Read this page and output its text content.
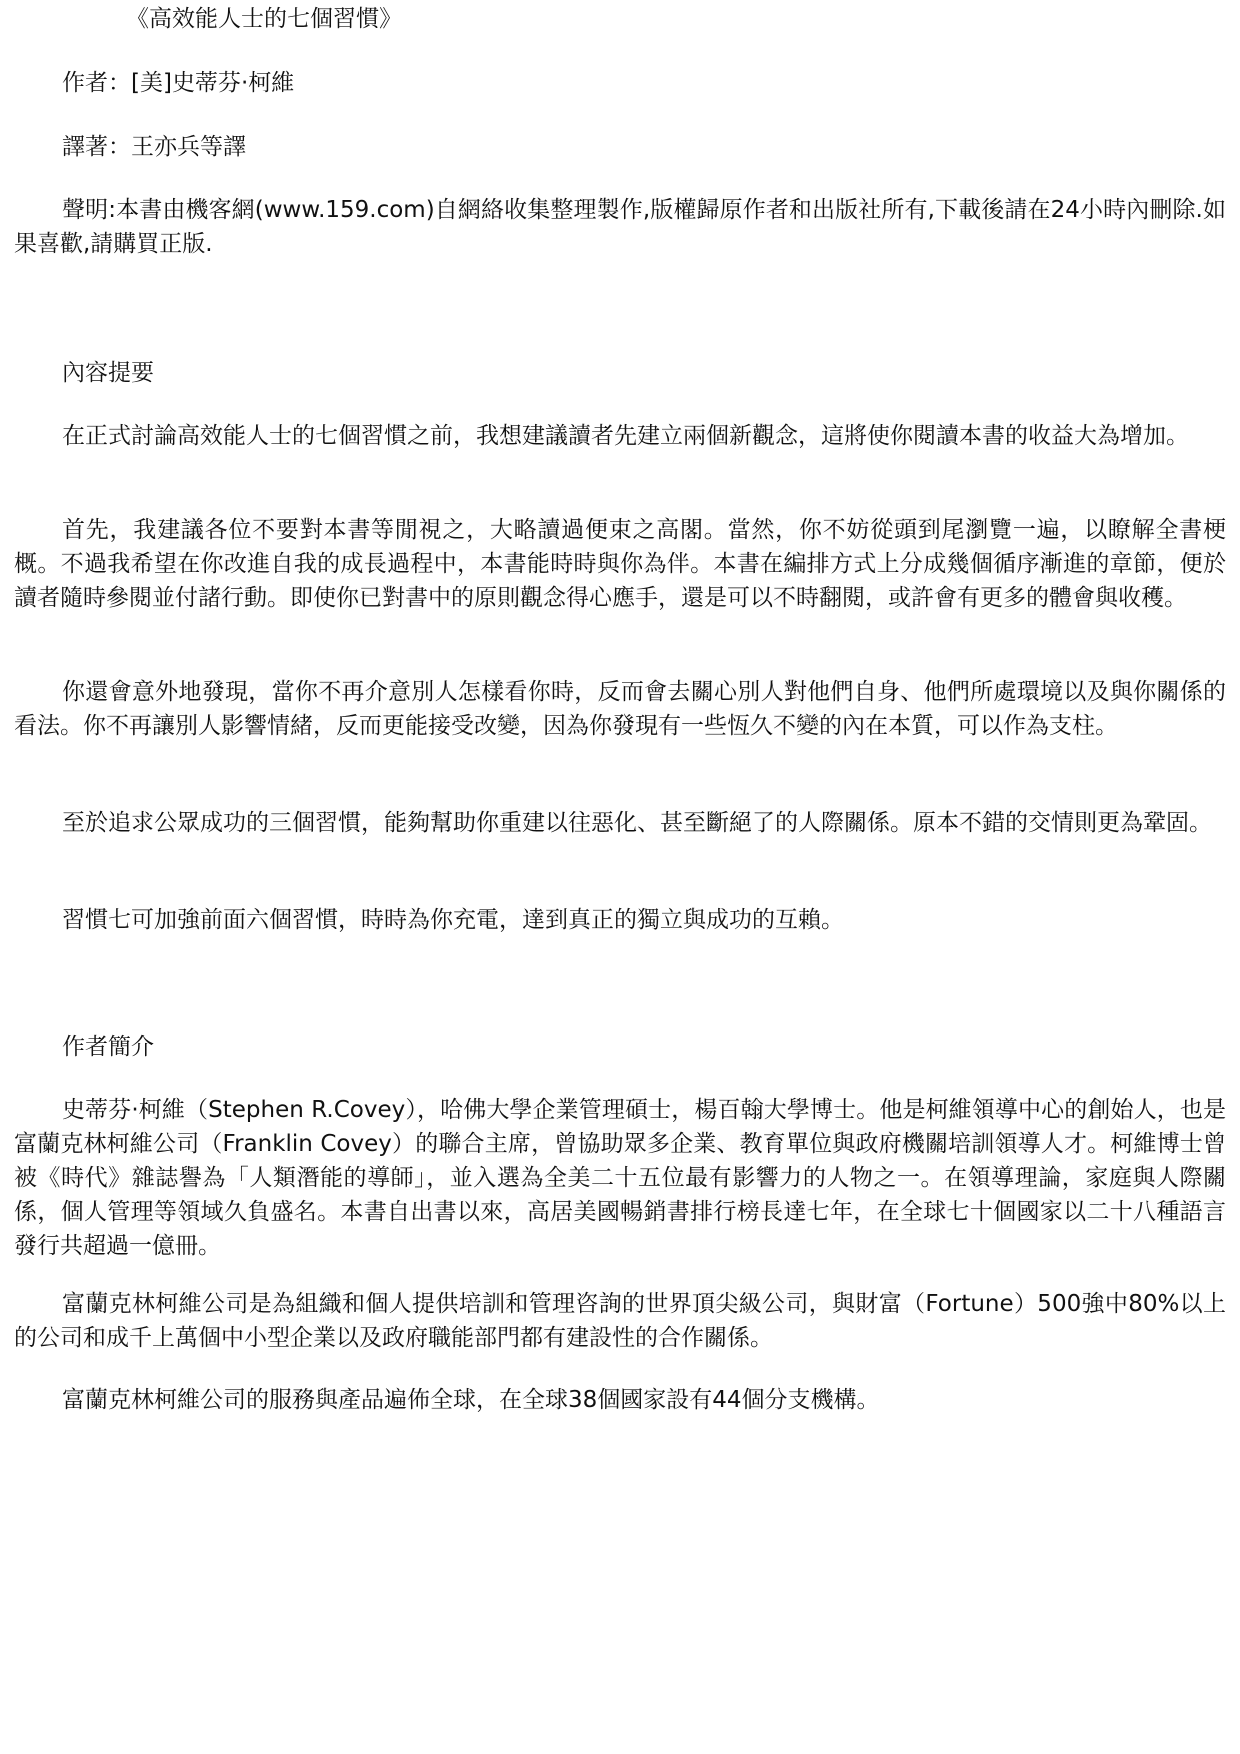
《高效能人士的七個習慣》

作者：[美]史蒂芬·柯維

譯著：王亦兵等譯

聲明:本書由機客網(www.159.com)自網絡收集整理製作,版權歸原作者和出版社所有,下載後請在24小時內刪除.如果喜歡,請購買正版.

內容提要

在正式討論高效能人士的七個習慣之前，我想建議讀者先建立兩個新觀念，這將使你閱讀本書的收益大為增加。

首先，我建議各位不要對本書等閒視之，大略讀過便束之高閣。當然，你不妨從頭到尾瀏覽一遍，以瞭解全書梗概。不過我希望在你改進自我的成長過程中，本書能時時與你為伴。本書在編排方式上分成幾個循序漸進的章節，便於讀者隨時參閱並付諸行動。即使你已對書中的原則觀念得心應手，還是可以不時翻閱，或許會有更多的體會與收穫。

你還會意外地發現，當你不再介意別人怎樣看你時，反而會去關心別人對他們自身、他們所處環境以及與你關係的看法。你不再讓別人影響情緒，反而更能接受改變，因為你發現有一些恆久不變的內在本質，可以作為支柱。

至於追求公眾成功的三個習慣，能夠幫助你重建以往惡化、甚至斷絕了的人際關係。原本不錯的交情則更為鞏固。

習慣七可加強前面六個習慣，時時為你充電，達到真正的獨立與成功的互賴。

作者簡介

史蒂芬·柯維（Stephen R.Covey），哈佛大學企業管理碩士，楊百翰大學博士。他是柯維領導中心的創始人，也是富蘭克林柯維公司（Franklin Covey）的聯合主席，曾協助眾多企業、教育單位與政府機關培訓領導人才。柯維博士曾被《時代》雜誌譽為「人類潛能的導師」，並入選為全美二十五位最有影響力的人物之一。在領導理論，家庭與人際關係，個人管理等領域久負盛名。本書自出書以來，高居美國暢銷書排行榜長達七年，在全球七十個國家以二十八種語言發行共超過一億冊。

富蘭克林柯維公司是為組織和個人提供培訓和管理咨詢的世界頂尖級公司，與財富（Fortune）500強中80%以上的公司和成千上萬個中小型企業以及政府職能部門都有建設性的合作關係。

富蘭克林柯維公司的服務與產品遍佈全球，在全球38個國家設有44個分支機構。
